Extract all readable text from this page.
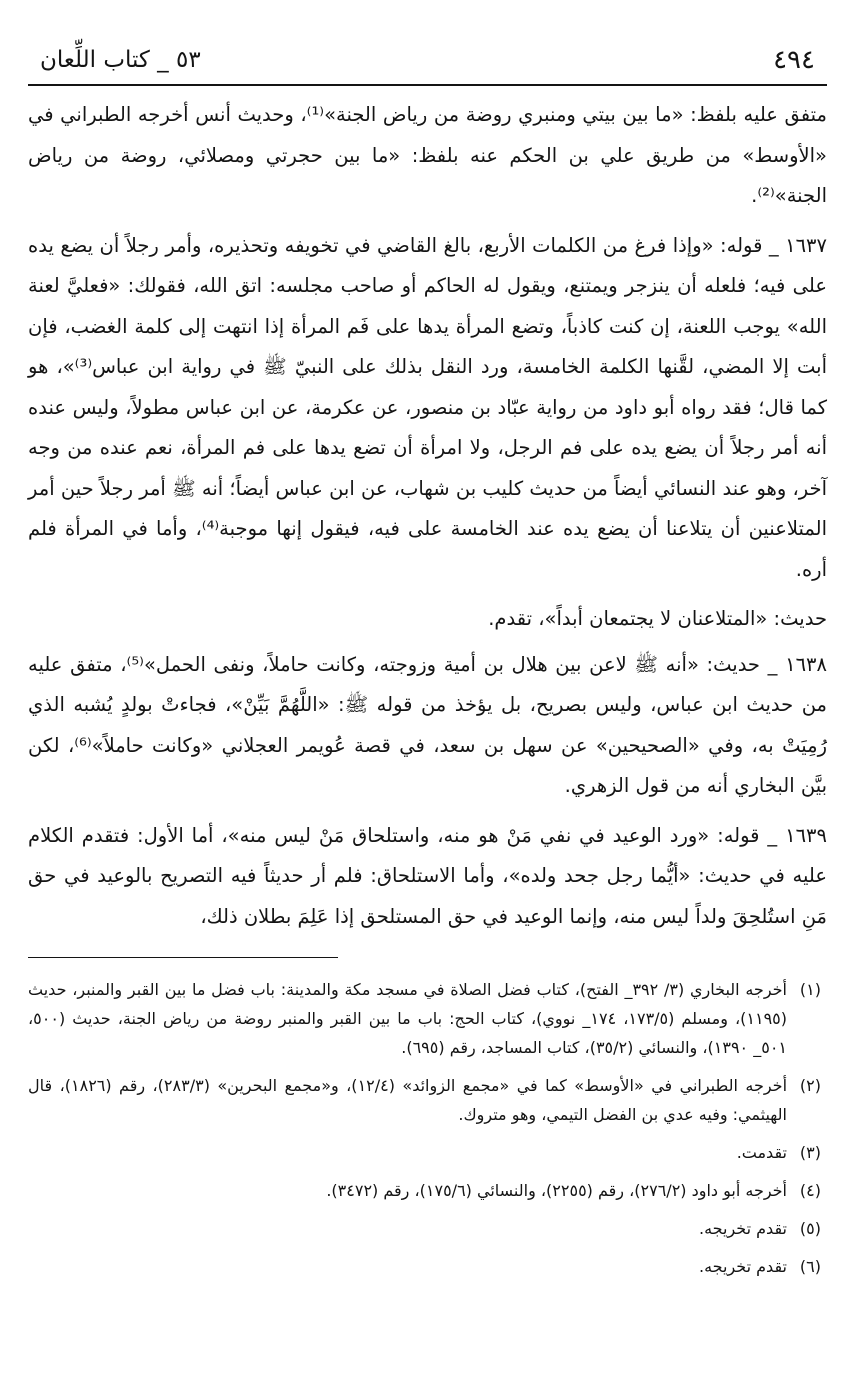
٤٩٤
٥٣ _ كتاب اللِّعان

متفق عليه بلفظ: «ما بين بيتي ومنبري روضة من رياض الجنة»⁽¹⁾، وحديث أنس أخرجه الطبراني في «الأوسط» من طريق علي بن الحكم عنه بلفظ: «ما بين حجرتي ومصلائي، روضة من رياض الجنة»⁽²⁾.

١٦٣٧ _ قوله: «وإذا فرغ من الكلمات الأربع، بالغ القاضي في تخويفه وتحذيره، وأمر رجلاً أن يضع يده على فيه؛ فلعله أن ينزجر ويمتنع، ويقول له الحاكم أو صاحب مجلسه: اتق الله، فقولك: «فعليَّ لعنة الله» يوجب اللعنة، إن كنت كاذباً، وتضع المرأة يدها على فَم المرأة إذا انتهت إلى كلمة الغضب، فإن أبت إلا المضي، لقَّنها الكلمة الخامسة، ورد النقل بذلك على النبيّ ﷺ في رواية ابن عباس⁽³⁾»، هو كما قال؛ فقد رواه أبو داود من رواية عبّاد بن منصور، عن عكرمة، عن ابن عباس مطولاً، وليس عنده أنه أمر رجلاً أن يضع يده على فم الرجل، ولا امرأة أن تضع يدها على فم المرأة، نعم عنده من وجه آخر، وهو عند النسائي أيضاً من حديث كليب بن شهاب، عن ابن عباس أيضاً؛ أنه ﷺ أمر رجلاً حين أمر المتلاعنين أن يتلاعنا أن يضع يده عند الخامسة على فيه، فيقول إنها موجبة⁽⁴⁾، وأما في المرأة فلم أره.

حديث: «المتلاعنان لا يجتمعان أبداً»، تقدم.

١٦٣٨ _ حديث: «أنه ﷺ لاعن بين هلال بن أمية وزوجته، وكانت حاملاً، ونفى الحمل»⁽⁵⁾، متفق عليه من حديث ابن عباس، وليس بصريح، بل يؤخذ من قوله ﷺ: «اللَّهُمَّ بَيِّنْ»، فجاءتْ بولدٍ يُشبه الذي رُمِيَتْ به، وفي «الصحيحين» عن سهل بن سعد، في قصة عُويمر العجلاني «وكانت حاملاً»⁽⁶⁾، لكن بيَّن البخاري أنه من قول الزهري.

١٦٣٩ _ قوله: «ورد الوعيد في نفي مَنْ هو منه، واستلحاق مَنْ ليس منه»، أما الأول: فتقدم الكلام عليه في حديث: «أيُّما رجل جحد ولده»، وأما الاستلحاق: فلم أر حديثاً فيه التصريح بالوعيد في حق مَنِ استُلحِقَ ولداً ليس منه، وإنما الوعيد في حق المستلحق إذا عَلِمَ بطلان ذلك،

(١)
أخرجه البخاري (٣/ ٣٩٢_ الفتح)، كتاب فضل الصلاة في مسجد مكة والمدينة: باب فضل ما بين القبر والمنبر، حديث (١١٩٥)، ومسلم (١٧٣/٥، ١٧٤_ نووي)، كتاب الحج: باب ما بين القبر والمنبر روضة من رياض الجنة، حديث (٥٠٠، ٥٠١_ ١٣٩٠)، والنسائي (٣٥/٢)، كتاب المساجد، رقم (٦٩٥).
(٢)
أخرجه الطبراني في «الأوسط» كما في «مجمع الزوائد» (١٢/٤)، و«مجمع البحرين» (٢٨٣/٣)، رقم (١٨٢٦)، قال الهيثمي: وفيه عدي بن الفضل التيمي، وهو متروك.
(٣)
تقدمت.
(٤)
أخرجه أبو داود (٢٧٦/٢)، رقم (٢٢٥٥)، والنسائي (١٧٥/٦)، رقم (٣٤٧٢).
(٥)
تقدم تخريجه.
(٦)
تقدم تخريجه.
